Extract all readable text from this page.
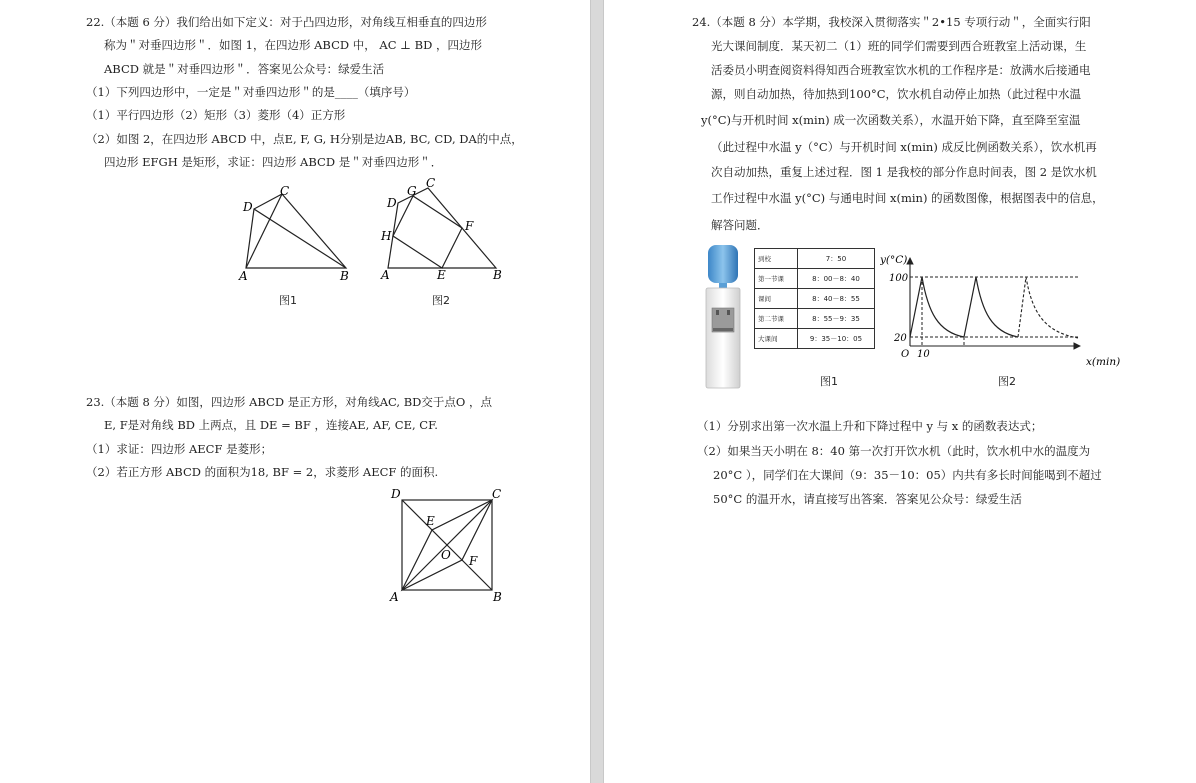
22.（本题 6 分）我们给出如下定义：对于凸四边形，对角线互相垂直的四边形
称为＂对垂四边形＂．如图 1，在四边形 ABCD 中， AC ⊥ BD ，四边形
ABCD 就是＂对垂四边形＂．答案见公众号：绿爱生活
（1）下列四边形中，一定是＂对垂四边形＂的是____（填序号）
（1）平行四边形（2）矩形（3）菱形（4）正方形
（2）如图 2，在四边形 ABCD 中，点E, F, G, H分别是边AB, BC, CD, DA的中点，
四边形 EFGH 是矩形，求证：四边形 ABCD 是＂对垂四边形＂．
D
C
A	B
图1
G
C
D
H
F
A	E	B
图2
23.（本题 8 分）如图，四边形 ABCD 是正方形，对角线AC, BD交于点O ，点
E, F是对角线 BD 上两点，且 DE = BF ，连接AE, AF, CE, CF.
（1）求证：四边形 AECF 是菱形；
（2）若正方形 ABCD 的面积为18, BF = 2，求菱形 AECF 的面积.
D	C
E
O F
A	B
24.（本题 8 分）本学期，我校深入贯彻落实＂2•15 专项行动＂，全面实行阳
光大课间制度．某天初二（1）班的同学们需要到西合班教室上活动课，生
活委员小明查阅资料得知西合班教室饮水机的工作程序是：放满水后接通电
源，则自动加热，待加热到100°C，饮水机自动停止加热（此过程中水温
y(°C)与开机时间 x(min) 成一次函数关系），水温开始下降，直至降至室温
（此过程中水温 y（°C）与开机时间 x(min) 成反比例函数关系），饮水机再
次自动加热，重复上述过程．图 1 是我校的部分作息时间表，图 2 是饮水机
工作过程中水温 y(°C) 与通电时间 x(min) 的函数图像，根据图表中的信息，
解答问题．
到校	7：50
第一节课	8：00－8：40
课间	8：40－8：55
第二节课	8：55－9：35
大课间	9：35－10：05
图1
y(°C)
100
20
O 10
x(min)
图2
（1）分别求出第一次水温上升和下降过程中 y 与 x 的函数表达式；
（2）如果当天小明在 8：40 第一次打开饮水机（此时，饮水机中水的温度为
20°C ），同学们在大课间（9：35－10：05）内共有多长时间能喝到不超过
50°C 的温开水，请直接写出答案．答案见公众号：绿爱生活
